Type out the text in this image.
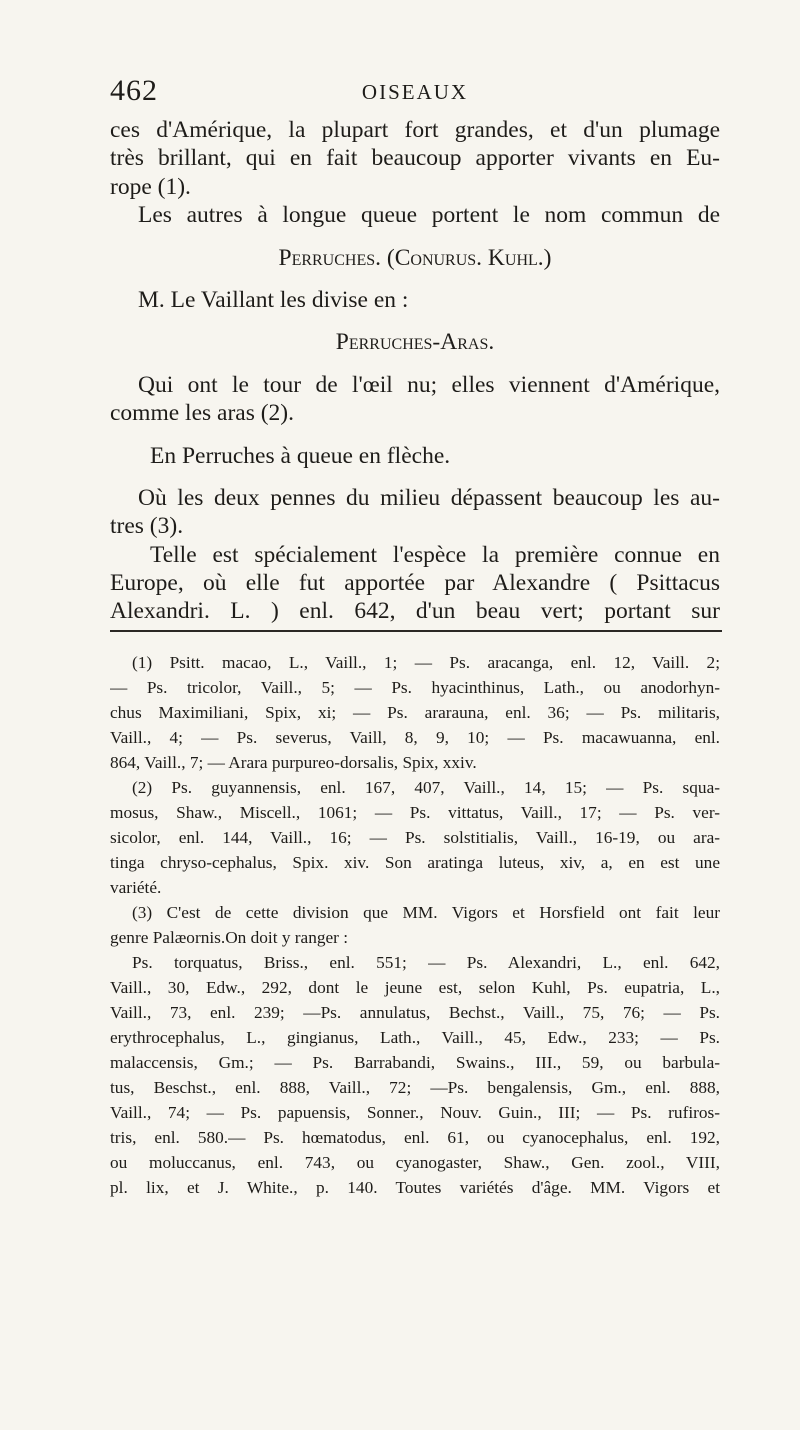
462	OISEAUX
ces d'Amérique, la plupart fort grandes, et d'un plumage
très brillant, qui en fait beaucoup apporter vivants en Eu-
rope (1).
Les autres à longue queue portent le nom commun de
Perruches. (Conurus. Kuhl.)
M. Le Vaillant les divise en :
Perruches-Aras.
Qui ont le tour de l'œil nu; elles viennent d'Amérique,
comme les aras (2).
En Perruches à queue en flèche.
Où les deux pennes du milieu dépassent beaucoup les au-
tres (3).
Telle est spécialement l'espèce la première connue en
Europe, où elle fut apportée par Alexandre ( Psittacus
Alexandri. L. ) enl. 642, d'un beau vert; portant sur
(1) Psitt. macao, L., Vaill., 1; — Ps. aracanga, enl. 12, Vaill. 2;
— Ps. tricolor, Vaill., 5; — Ps. hyacinthinus, Lath., ou anodorhyn-
chus Maximiliani, Spix, xi; — Ps. ararauna, enl. 36; — Ps. militaris,
Vaill., 4; — Ps. severus, Vaill, 8, 9, 10; — Ps. macawuanna, enl.
864, Vaill., 7; — Arara purpureo-dorsalis, Spix, xxiv.
(2) Ps. guyannensis, enl. 167, 407, Vaill., 14, 15; — Ps. squa-
mosus, Shaw., Miscell., 1061; — Ps. vittatus, Vaill., 17; — Ps. ver-
sicolor, enl. 144, Vaill., 16; — Ps. solstitialis, Vaill., 16-19, ou ara-
tinga chryso-cephalus, Spix. xiv. Son aratinga luteus, xiv, a, en est une
variété.
(3) C'est de cette division que MM. Vigors et Horsfield ont fait leur
genre Palæornis.On doit y ranger :
Ps. torquatus, Briss., enl. 551; — Ps. Alexandri, L., enl. 642,
Vaill., 30, Edw., 292, dont le jeune est, selon Kuhl, Ps. eupatria, L.,
Vaill., 73, enl. 239; —Ps. annulatus, Bechst., Vaill., 75, 76; — Ps.
erythrocephalus, L., gingianus, Lath., Vaill., 45, Edw., 233; — Ps.
malaccensis, Gm.; — Ps. Barrabandi, Swains., III., 59, ou barbula-
tus, Beschst., enl. 888, Vaill., 72; —Ps. bengalensis, Gm., enl. 888,
Vaill., 74; — Ps. papuensis, Sonner., Nouv. Guin., III; — Ps. rufiros-
tris, enl. 580.— Ps. hœmatodus, enl. 61, ou cyanocephalus, enl. 192,
ou moluccanus, enl. 743, ou cyanogaster, Shaw., Gen. zool., VIII,
pl. lix, et J. White., p. 140. Toutes variétés d'âge. MM. Vigors et
